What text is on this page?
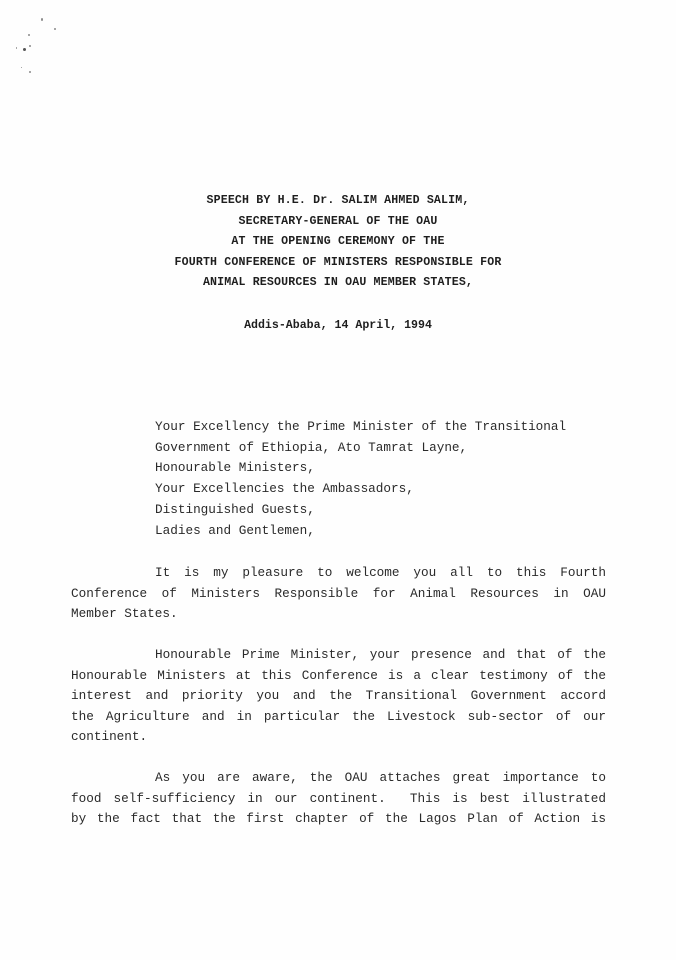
SPEECH BY H.E. Dr. SALIM AHMED SALIM,
SECRETARY-GENERAL OF THE OAU
AT THE OPENING CEREMONY OF THE
FOURTH CONFERENCE OF MINISTERS RESPONSIBLE FOR
ANIMAL RESOURCES IN OAU MEMBER STATES,
Addis-Ababa, 14 April, 1994
Your Excellency the Prime Minister of the Transitional
Government of Ethiopia, Ato Tamrat Layne,
Honourable Ministers,
Your Excellencies the Ambassadors,
Distinguished Guests,
Ladies and Gentlemen,
It is my pleasure to welcome you all to this Fourth
Conference of Ministers Responsible for Animal Resources in OAU
Member States.
Honourable Prime Minister, your presence and that of the
Honourable Ministers at this Conference is a clear testimony of the
interest and priority you and the Transitional Government accord
the Agriculture and in particular the Livestock sub-sector of our
continent.
As you are aware, the OAU attaches great importance to
food self-sufficiency in our continent.  This is best illustrated
by the fact that the first chapter of the Lagos Plan of Action is
